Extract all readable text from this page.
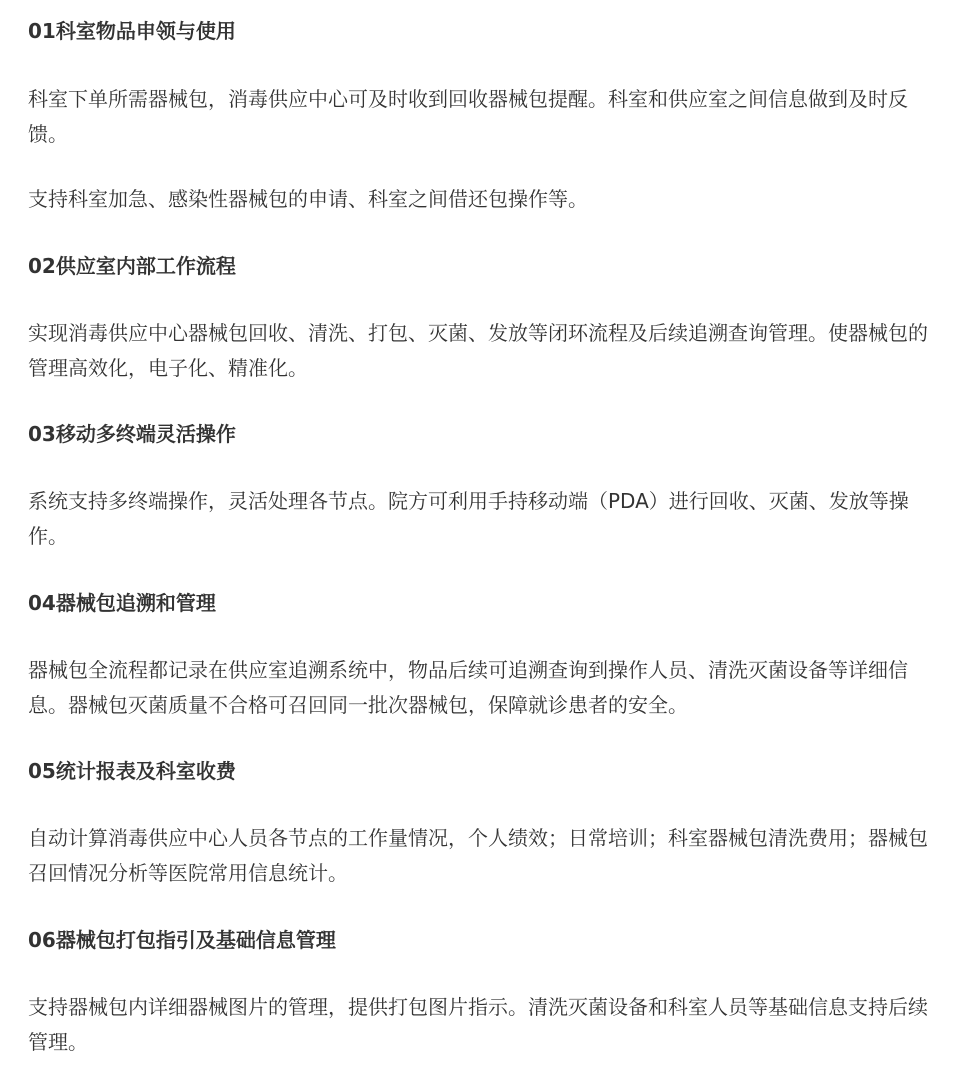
01科室物品申领与使用

科室下单所需器械包，消毒供应中心可及时收到回收器械包提醒。科室和供应室之间信息做到及时反馈。

支持科室加急、感染性器械包的申请、科室之间借还包操作等。

02供应室内部工作流程

实现消毒供应中心器械包回收、清洗、打包、灭菌、发放等闭环流程及后续追溯查询管理。使器械包的管理高效化，电子化、精准化。

03移动多终端灵活操作

系统支持多终端操作，灵活处理各节点。院方可利用手持移动端（PDA）进行回收、灭菌、发放等操作。

04器械包追溯和管理

器械包全流程都记录在供应室追溯系统中，物品后续可追溯查询到操作人员、清洗灭菌设备等详细信息。器械包灭菌质量不合格可召回同一批次器械包，保障就诊患者的安全。

05统计报表及科室收费

自动计算消毒供应中心人员各节点的工作量情况，个人绩效；日常培训；科室器械包清洗费用；器械包召回情况分析等医院常用信息统计。

06器械包打包指引及基础信息管理

支持器械包内详细器械图片的管理，提供打包图片指示。清洗灭菌设备和科室人员等基础信息支持后续管理。
